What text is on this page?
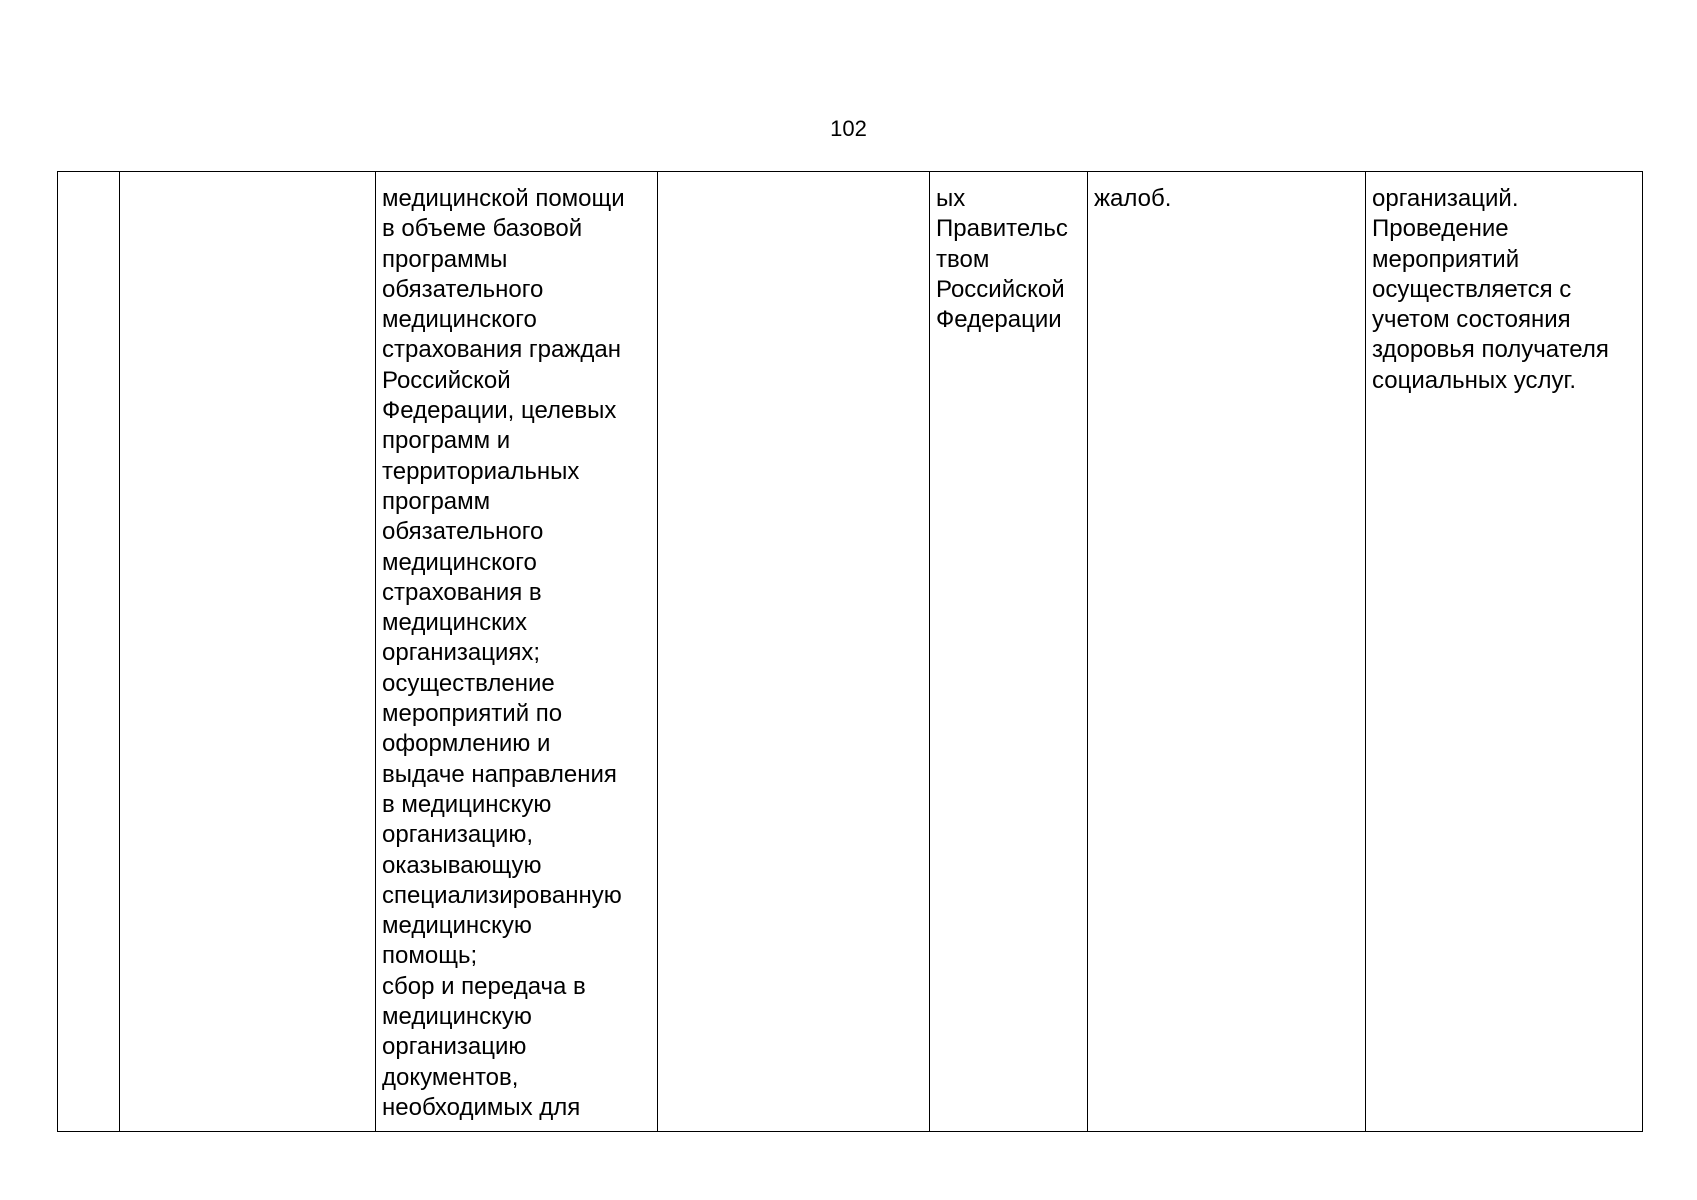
102
		медицинской помощи
в объеме базовой
программы
обязательного
медицинского
страхования граждан
Российской
Федерации, целевых
программ и
территориальных
программ
обязательного
медицинского
страхования в
медицинских
организациях;
осуществление
мероприятий по
оформлению и
выдаче направления
в медицинскую
организацию,
оказывающую
специализированную
медицинскую
помощь;
сбор и передача в
медицинскую
организацию
документов,
необходимых для		ых
Правительс
твом
Российской
Федерации	жалоб.	организаций.
Проведение
мероприятий
осуществляется с
учетом состояния
здоровья получателя
социальных услуг.
